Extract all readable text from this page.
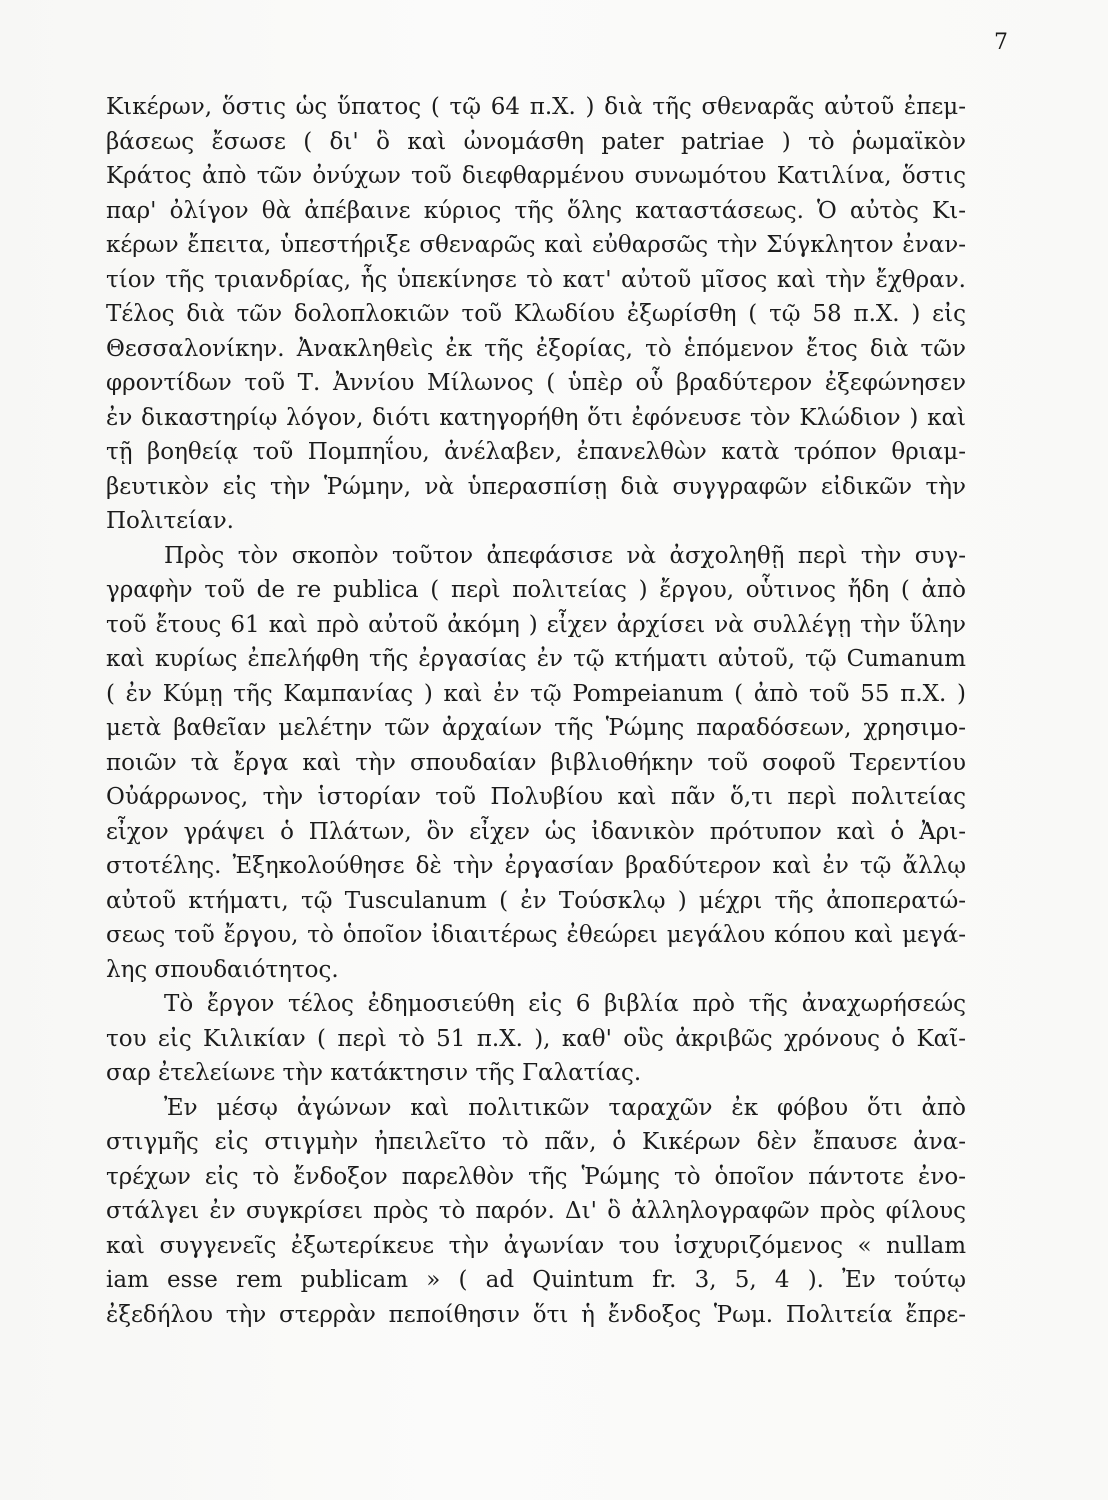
7
Κικέρων, ὅστις ὡς ὕπατος ( τῷ 64 π.Χ. ) διὰ τῆς σθεναρᾶς αὐτοῦ ἐπεμ-
βάσεως ἔσωσε ( δι' ὃ καὶ ὠνομάσθη pater patriae ) τὸ ῥωμαϊκὸν
Κράτος ἀπὸ τῶν ὀνύχων τοῦ διεφθαρμένου συνωμότου Κατιλίνα, ὅστις
παρ' ὀλίγον θὰ ἀπέβαινε κύριος τῆς ὅλης καταστάσεως. Ὁ αὐτὸς Κι-
κέρων ἔπειτα, ὑπεστήριξε σθεναρῶς καὶ εὐθαρσῶς τὴν Σύγκλητον ἐναν-
τίον τῆς τριανδρίας, ἧς ὑπεκίνησε τὸ κατ' αὐτοῦ μῖσος καὶ τὴν ἔχθραν.
Τέλος διὰ τῶν δολοπλοκιῶν τοῦ Κλωδίου ἐξωρίσθη ( τῷ 58 π.Χ. ) εἰς
Θεσσαλονίκην. Ἀνακληθεὶς ἐκ τῆς ἐξορίας, τὸ ἑπόμενον ἔτος διὰ τῶν
φροντίδων τοῦ Τ. Ἀννίου Μίλωνος ( ὑπὲρ οὗ βραδύτερον ἐξεφώνησεν
ἐν δικαστηρίῳ λόγον, διότι κατηγορήθη ὅτι ἐφόνευσε τὸν Κλώδιον ) καὶ
τῇ βοηθείᾳ τοῦ Πομπηΐου, ἀνέλαβεν, ἐπανελθὼν κατὰ τρόπον θριαμ-
βευτικὸν εἰς τὴν Ῥώμην, νὰ ὑπερασπίσῃ διὰ συγγραφῶν εἰδικῶν τὴν
Πολιτείαν.
Πρὸς τὸν σκοπὸν τοῦτον ἀπεφάσισε νὰ ἀσχοληθῇ περὶ τὴν συγ-
γραφὴν τοῦ de re publica ( περὶ πολιτείας ) ἔργου, οὗτινος ἤδη ( ἀπὸ
τοῦ ἔτους 61 καὶ πρὸ αὐτοῦ ἀκόμη ) εἶχεν ἀρχίσει νὰ συλλέγῃ τὴν ὕλην
καὶ κυρίως ἐπελήφθη τῆς ἐργασίας ἐν τῷ κτήματι αὐτοῦ, τῷ Cumanum
( ἐν Κύμῃ τῆς Καμπανίας ) καὶ ἐν τῷ Pompeianum ( ἀπὸ τοῦ 55 π.Χ. )
μετὰ βαθεῖαν μελέτην τῶν ἀρχαίων τῆς Ῥώμης παραδόσεων, χρησιμο-
ποιῶν τὰ ἔργα καὶ τὴν σπουδαίαν βιβλιοθήκην τοῦ σοφοῦ Τερεντίου
Οὐάρρωνος, τὴν ἱστορίαν τοῦ Πολυβίου καὶ πᾶν ὅ,τι περὶ πολιτείας
εἶχον γράψει ὁ Πλάτων, ὃν εἶχεν ὡς ἰδανικὸν πρότυπον καὶ ὁ Ἀρι-
στοτέλης. Ἐξηκολούθησε δὲ τὴν ἐργασίαν βραδύτερον καὶ ἐν τῷ ἄλλῳ
αὐτοῦ κτήματι, τῷ Tusculanum ( ἐν Τούσκλῳ ) μέχρι τῆς ἀποπερατώ-
σεως τοῦ ἔργου, τὸ ὁποῖον ἰδιαιτέρως ἐθεώρει μεγάλου κόπου καὶ μεγά-
λης σπουδαιότητος.
Τὸ ἔργον τέλος ἐδημοσιεύθη εἰς 6 βιβλία πρὸ τῆς ἀναχωρήσεώς
του εἰς Κιλικίαν ( περὶ τὸ 51 π.Χ. ), καθ' οὓς ἀκριβῶς χρόνους ὁ Καῖ-
σαρ ἐτελείωνε τὴν κατάκτησιν τῆς Γαλατίας.
Ἐν μέσῳ ἀγώνων καὶ πολιτικῶν ταραχῶν ἐκ φόβου ὅτι ἀπὸ
στιγμῆς εἰς στιγμὴν ἠπειλεῖτο τὸ πᾶν, ὁ Κικέρων δὲν ἔπαυσε ἀνα-
τρέχων εἰς τὸ ἔνδοξον παρελθὸν τῆς Ῥώμης τὸ ὁποῖον πάντοτε ἐνο-
στάλγει ἐν συγκρίσει πρὸς τὸ παρόν. Δι' ὃ ἀλληλογραφῶν πρὸς φίλους
καὶ συγγενεῖς ἐξωτερίκευε τὴν ἀγωνίαν του ἰσχυριζόμενος « nullam
iam esse rem publicam » ( ad Quintum fr. 3, 5, 4 ). Ἐν τούτῳ
ἐξεδήλου τὴν στερρὰν πεποίθησιν ὅτι ἡ ἔνδοξος Ῥωμ. Πολιτεία ἔπρε-
